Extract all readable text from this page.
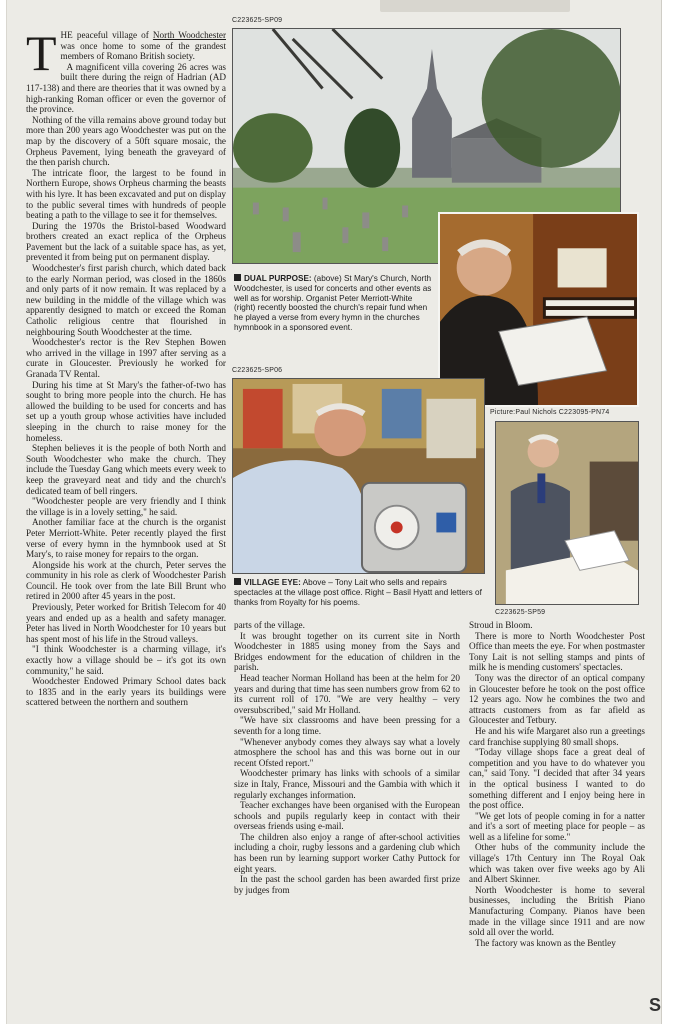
THE peaceful village of North Woodchester was once home to some of the grandest members of Romano British society.

A magnificent villa covering 26 acres was built there during the reign of Hadrian (AD 117-138) and there are theories that it was owned by a high-ranking Roman officer or even the governor of the province.

Nothing of the villa remains above ground today but more than 200 years ago Woodchester was put on the map by the discovery of a 50ft square mosaic, the Orpheus Pavement, lying beneath the graveyard of the then parish church.

The intricate floor, the largest to be found in Northern Europe, shows Orpheus charming the beasts with his lyre. It has been excavated and put on display to the public several times with hundreds of people beating a path to the village to see it for themselves.

During the 1970s the Bristol-based Woodward brothers created an exact replica of the Orpheus Pavement but the lack of a suitable space has, as yet, prevented it from being put on permanent display.

Woodchester's first parish church, which dated back to the early Norman period, was closed in the 1860s and only parts of it now remain. It was replaced by a new building in the middle of the village which was apparently designed to match or exceed the Roman Catholic religious centre that flourished in neighbouring South Woodchester at the time.

Woodchester's rector is the Rev Stephen Bowen who arrived in the village in 1997 after serving as a curate in Gloucester. Previously he worked for Granada TV Rental.

During his time at St Mary's the father-of-two has sought to bring more people into the church. He has allowed the building to be used for concerts and has set up a youth group whose activities have included sleeping in the church to raise money for the homeless.

Stephen believes it is the people of both North and South Woodchester who make the church. They include the Tuesday Gang which meets every week to keep the graveyard neat and tidy and the church's dedicated team of bell ringers.

"Woodchester people are very friendly and I think the village is in a lovely setting," he said.

Another familiar face at the church is the organist Peter Merriott-White. Peter recently played the first verse of every hymn in the hymnbook used at St Mary's, to raise money for repairs to the organ.

Alongside his work at the church, Peter serves the community in his role as clerk of Woodchester Parish Council. He took over from the late Bill Brunt who retired in 2000 after 45 years in the post.

Previously, Peter worked for British Telecom for 40 years and ended up as a health and safety manager. Peter has lived in North Woodchester for 10 years but has spent most of his life in the Stroud valleys.

"I think Woodchester is a charming village, it's exactly how a village should be – it's got its own community," he said.

Woodchester Endowed Primary School dates back to 1835 and in the early years its buildings were scattered between the northern and southern

C223625-SP09
DUAL PURPOSE: (above) St Mary's Church, North Woodchester, is used for concerts and other events as well as for worship. Organist Peter Merriott-White (right) recently boosted the church's repair fund when he played a verse from every hymn in the churches hymnbook in a sponsored event.
C223625-SP06
Picture:Paul Nichols C223095-PN74
C223625-SP59
VILLAGE EYE: Above – Tony Lait who sells and repairs spectacles at the village post office. Right – Basil Hyatt and letters of thanks from Royalty for his poems.

parts of the village.

It was brought together on its current site in North Woodchester in 1885 using money from the Says and Bridges endowment for the education of children in the parish.

Head teacher Norman Holland has been at the helm for 20 years and during that time has seen numbers grow from 62 to its current roll of 170. "We are very healthy – very oversubscribed," said Mr Holland.

"We have six classrooms and have been pressing for a seventh for a long time.

"Whenever anybody comes they always say what a lovely atmosphere the school has and this was borne out in our recent Ofsted report."

Woodchester primary has links with schools of a similar size in Italy, France, Missouri and the Gambia with which it regularly exchanges information.

Teacher exchanges have been organised with the European schools and pupils regularly keep in contact with their overseas friends using e-mail.

The children also enjoy a range of after-school activities including a choir, rugby lessons and a gardening club which has been run by learning support worker Cathy Puttock for eight years.

In the past the school garden has been awarded first prize by judges from

Stroud in Bloom.

There is more to North Woodchester Post Office than meets the eye. For when postmaster Tony Lait is not selling stamps and pints of milk he is mending customers' spectacles.

Tony was the director of an optical company in Gloucester before he took on the post office 12 years ago. Now he combines the two and attracts customers from as far afield as Gloucester and Tetbury.

He and his wife Margaret also run a greetings card franchise supplying 80 small shops.

"Today village shops face a great deal of competition and you have to do whatever you can," said Tony. "I decided that after 34 years in the optical business I wanted to do something different and I enjoy being here in the post office.

"We get lots of people coming in for a natter and it's a sort of meeting place for people – as well as a lifeline for some."

Other hubs of the community include the village's 17th Century inn The Royal Oak which was taken over five weeks ago by Ali and Albert Skinner.

North Woodchester is home to several businesses, including the British Piano Manufacturing Company. Pianos have been made in the village since 1911 and are now sold all over the world.

The factory was known as the Bentley

S
